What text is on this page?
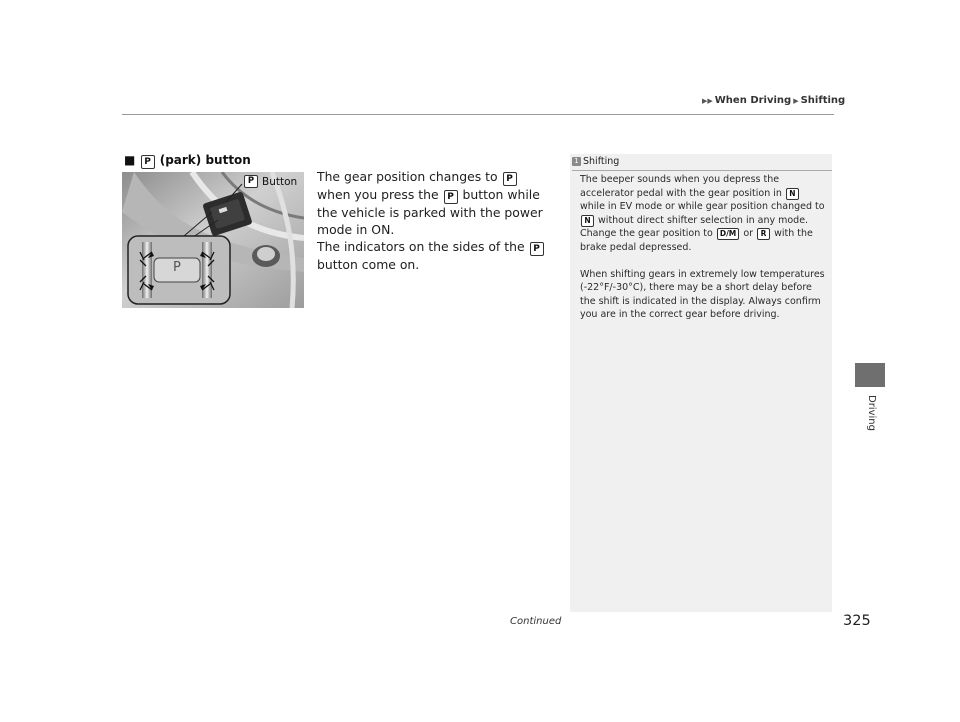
▶▶ When Driving ▶ Shifting
Driving
■ P (park) button

The gear position changes to P when you press the P button while the vehicle is parked with the power mode in ON.

The indicators on the sides of the P button come on.

P
P Button
1 Shifting

The beeper sounds when you depress the accelerator pedal with the gear position in N while in EV mode or while gear position changed to N without direct shifter selection in any mode.

Change the gear position to D/M or R with the brake pedal depressed.

When shifting gears in extremely low temperatures (-22°F/-30°C), there may be a short delay before the shift is indicated in the display. Always confirm you are in the correct gear before driving.

Continued	325
